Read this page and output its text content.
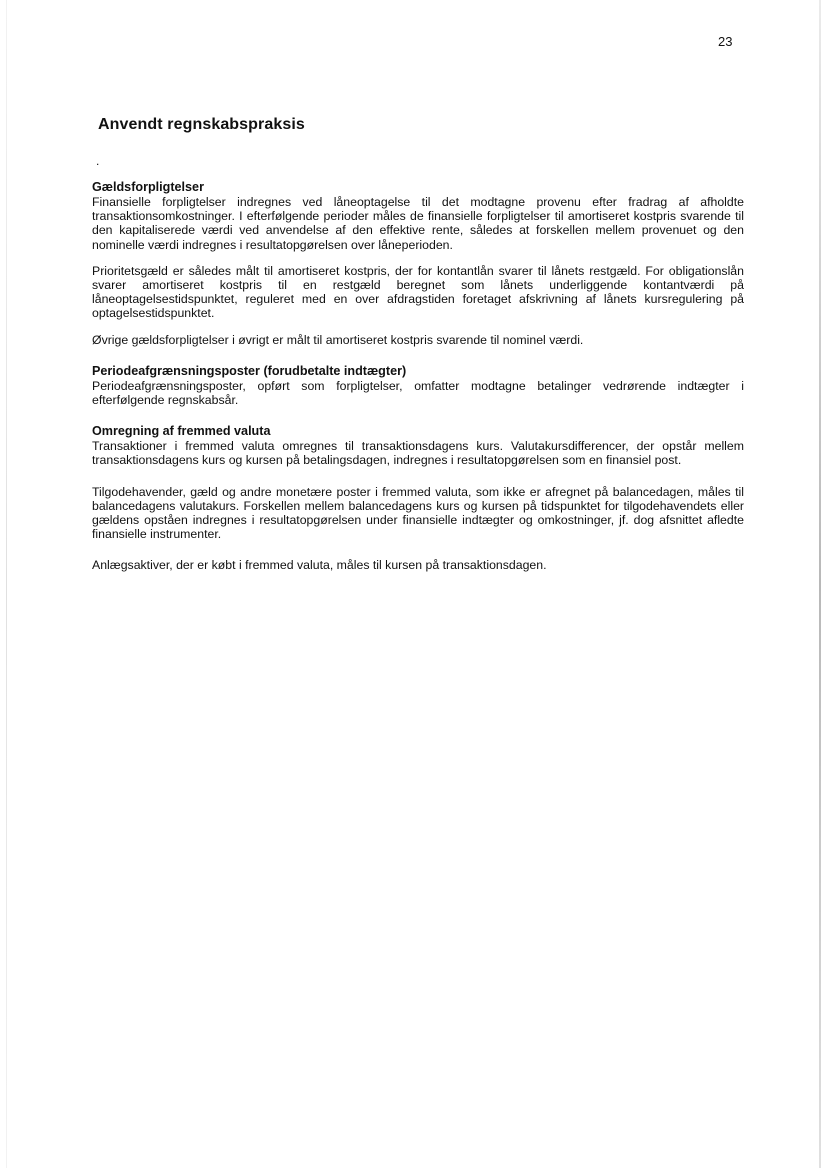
23
Anvendt regnskabspraksis
.
Gældsforpligtelser

Finansielle forpligtelser indregnes ved låneoptagelse til det modtagne provenu efter fradrag af afholdte transaktionsomkostninger. I efterfølgende perioder måles de finansielle forpligtelser til amortiseret kostpris svarende til den kapitaliserede værdi ved anvendelse af den effektive rente, således at forskellen mellem provenuet og den nominelle værdi indregnes i resultatopgørelsen over låneperioden.

Prioritetsgæld er således målt til amortiseret kostpris, der for kontantlån svarer til lånets restgæld. For obligationslån svarer amortiseret kostpris til en restgæld beregnet som lånets underliggende kontantværdi på låneoptagelsestidspunktet, reguleret med en over afdragstiden foretaget afskrivning af lånets kursregulering på optagelsestidspunktet.

Øvrige gældsforpligtelser i øvrigt er målt til amortiseret kostpris svarende til nominel værdi.

Periodeafgrænsningsposter (forudbetalte indtægter)

Periodeafgrænsningsposter, opført som forpligtelser, omfatter modtagne betalinger vedrørende indtægter i efterfølgende regnskabsår.

Omregning af fremmed valuta

Transaktioner i fremmed valuta omregnes til transaktionsdagens kurs. Valutakursdifferencer, der opstår mellem transaktionsdagens kurs og kursen på betalingsdagen, indregnes i resultatopgørelsen som en finansiel post.

Tilgodehavender, gæld og andre monetære poster i fremmed valuta, som ikke er afregnet på balancedagen, måles til balancedagens valutakurs. Forskellen mellem balancedagens kurs og kursen på tidspunktet for tilgodehavendets eller gældens opståen indregnes i resultatopgørelsen under finansielle indtægter og omkostninger, jf. dog afsnittet afledte finansielle instrumenter.

Anlægsaktiver, der er købt i fremmed valuta, måles til kursen på transaktionsdagen.
